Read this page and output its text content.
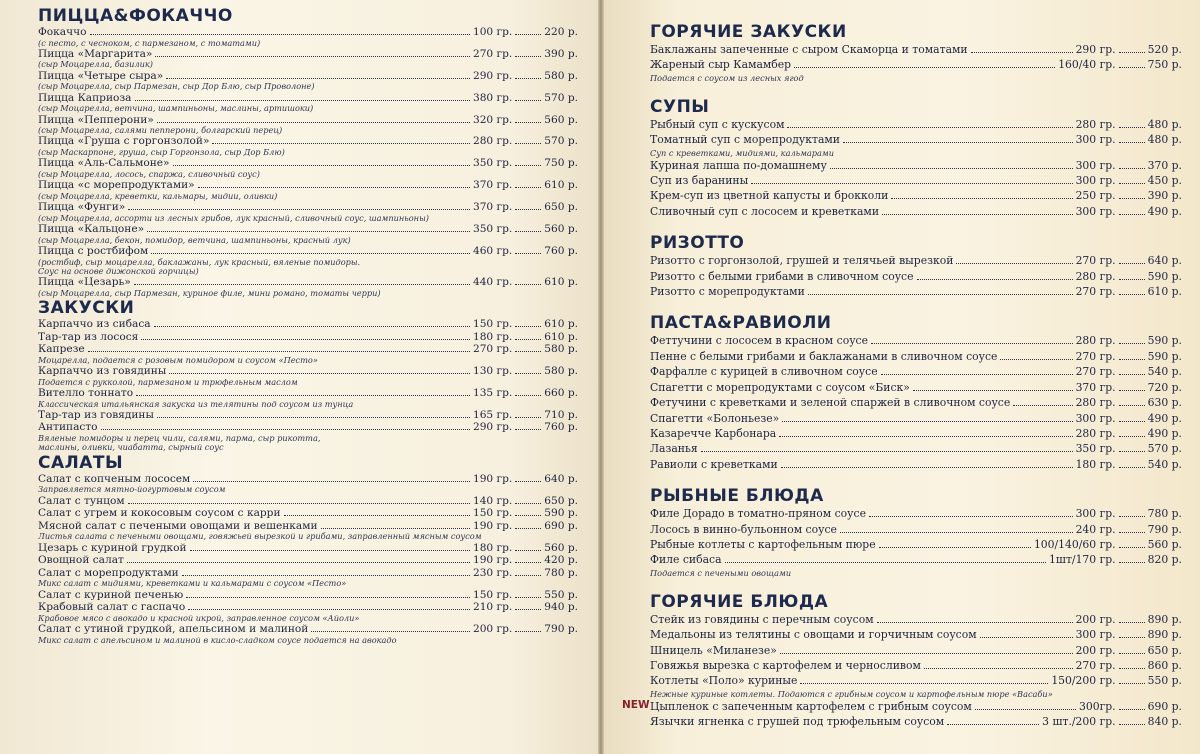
ПИЦЦА&ФОКАЧЧО
Фокаччо	100 гр.	220 р.
(с песто, с чесноком, с пармезаном, с томатами)
Пицца «Маргарита»	270 гр.	390 р.
(сыр Моцарелла, базилик)
Пицца «Четыре сыра»	290 гр.	580 р.
(сыр Моцарелла, сыр Пармезан, сыр Дор Блю, сыр Проволоне)
Пицца Каприоза	380 гр.	570 р.
(сыр Моцарелла, ветчина, шампиньоны, маслины, артишоки)
Пицца «Пепперони»	320 гр.	560 р.
(сыр Моцарелла, салями пепперони, болгарский перец)
Пицца «Груша с горгонзолой»	280 гр.	570 р.
(сыр Маскарпоне, груша, сыр Горгонзола, сыр Дор Блю)
Пицца «Аль-Сальмоне»	350 гр.	750 р.
(сыр Моцарелла, лосось, спаржа, сливочный соус)
Пицца «с морепродуктами»	370 гр.	610 р.
(сыр Моцарелла, креветки, кальмары, мидии, оливки)
Пицца «Фунги»	370 гр.	650 р.
(сыр Моцарелла, ассорти из лесных грибов, лук красный, сливочный соус, шампиньоны)
Пицца «Кальцоне»	350 гр.	560 р.
(сыр Моцарелла, бекон, помидор, ветчина, шампиньоны, красный лук)
Пицца с ростбифом	460 гр.	760 р.
(ростбиф, сыр моцарелла, баклажаны, лук красный, вяленые помидоры.
Соус на основе дижонской горчицы)
Пицца «Цезарь»	440 гр.	610 р.
(сыр Моцарелла, сыр Пармезан, куриное филе, мини романо, томаты черри)
ЗАКУСКИ
Карпаччо из сибаса	150 гр.	610 р.
Тар-тар из лосося	180 гр.	610 р.
Капрезе	270 гр.	580 р.
Моцарелла, подается с розовым помидором и соусом «Песто»
Карпаччо из говядины	130 гр.	580 р.
Подается с рукколой, пармезаном и трюфельным маслом
Вителло тоннато	135 гр.	660 р.
Классическая итальянская закуска из телятины под соусом из тунца
Тар-тар из говядины	165 гр.	710 р.
Антипасто	290 гр.	760 р.
Вяленые помидоры и перец чили, салями, парма, сыр рикотта,
маслины, оливки, чиабатта, сырный соус
САЛАТЫ
Салат с копченым лососем	190 гр.	640 р.
Заправляется мятно-йогуртовым соусом
Салат с тунцом	140 гр.	650 р.
Салат с угрем и кокосовым соусом с карри	150 гр.	590 р.
Мясной салат с печеными овощами и вешенками	190 гр.	690 р.
Листья салата с печеными овощами, говяжьей вырезкой и грибами, заправленный мясным соусом
Цезарь с куриной грудкой	180 гр.	560 р.
Овощной салат	190 гр.	420 р.
Салат с морепродуктами	230 гр.	780 р.
Микс салат с мидиями, креветками и кальмарами с соусом «Песто»
Салат с куриной печенью	150 гр.	550 р.
Крабовый салат с гаспачо	210 гр.	940 р.
Крабовое мясо с авокадо и красной икрой, заправленное соусом «Айоли»
Салат с утиной грудкой, апельсином и малиной	200 гр.	790 р.
Микс салат с апельсином и малиной в кисло-сладком соусе подается на авокадо
ГОРЯЧИЕ ЗАКУСКИ
Баклажаны запеченные с сыром Скаморца и томатами	290 гр.	520 р.
Жареный сыр Камамбер	160/40 гр.	750 р.
Подается с соусом из лесных ягод
СУПЫ
Рыбный суп с кускусом	280 гр.	480 р.
Томатный суп с морепродуктами	300 гр.	480 р.
Суп с креветками, мидиями, кальмарами
Куриная лапша по-домашнему	300 гр.	370 р.
Суп из баранины	300 гр.	450 р.
Крем-суп из цветной капусты и брокколи	250 гр.	390 р.
Сливочный суп с лососем и креветками	300 гр.	490 р.
РИЗОТТО
Ризотто с горгонзолой, грушей и телячьей вырезкой	270 гр.	640 р.
Ризотто с белыми грибами в сливочном соусе	280 гр.	590 р.
Ризотто с морепродуктами	270 гр.	610 р.
ПАСТА&РАВИОЛИ
Феттучини с лососем в красном соусе	280 гр.	590 р.
Пенне с белыми грибами и баклажанами в сливочном соусе	270 гр.	590 р.
Фарфалле с курицей в сливочном соусе	270 гр.	540 р.
Спагетти с морепродуктами с соусом «Биск»	370 гр.	720 р.
Фетучини с креветками и зеленой спаржей в сливочном соусе	280 гр.	630 р.
Спагетти «Болоньезе»	300 гр.	490 р.
Казаречче Карбонара	280 гр.	490 р.
Лазанья	350 гр.	570 р.
Равиоли с креветками	180 гр.	540 р.
РЫБНЫЕ БЛЮДА
Филе Дорадо в томатно-пряном соусе	300 гр.	780 р.
Лосось в винно-бульонном соусе	240 гр.	790 р.
Рыбные котлеты с картофельным пюре	100/140/60 гр.	560 р.
Филе сибаса	1шт/170 гр.	820 р.
Подается с печеными овощами
ГОРЯЧИЕ БЛЮДА
Стейк из говядины с перечным соусом	200 гр.	890 р.
Медальоны из телятины с овощами и горчичным соусом	300 гр.	890 р.
Шницель «Миланезе»	200 гр.	650 р.
Говяжья вырезка с картофелем и черносливом	270 гр.	860 р.
Котлеты «Поло» куриные	150/200 гр.	550 р.
Нежные куриные котлеты. Подаются с грибным соусом и картофельным пюре «Васаби»
NEW Цыпленок с запеченным картофелем с грибным соусом	300гр.	690 р.
Язычки ягненка с грушей под трюфельным соусом	3 шт./200 гр.	840 р.
